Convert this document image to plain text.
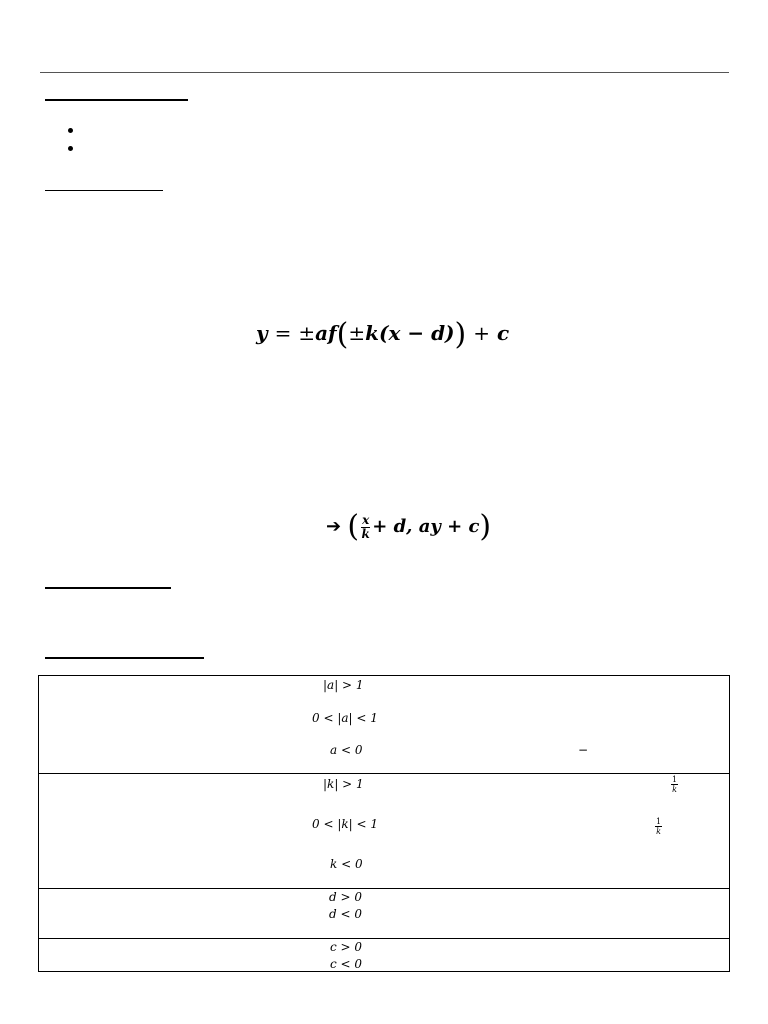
y = ±af(±k(x − d)) + c
➔ ( $\frac{x}{k} + d$, ay + c)
|a| > 1
0 < |a| < 1
a < 0	−
|k| > 1	$\frac{1}{k}$
0 < |k| < 1	$\frac{1}{k}$
k < 0
d > 0
d < 0
c > 0
c < 0
